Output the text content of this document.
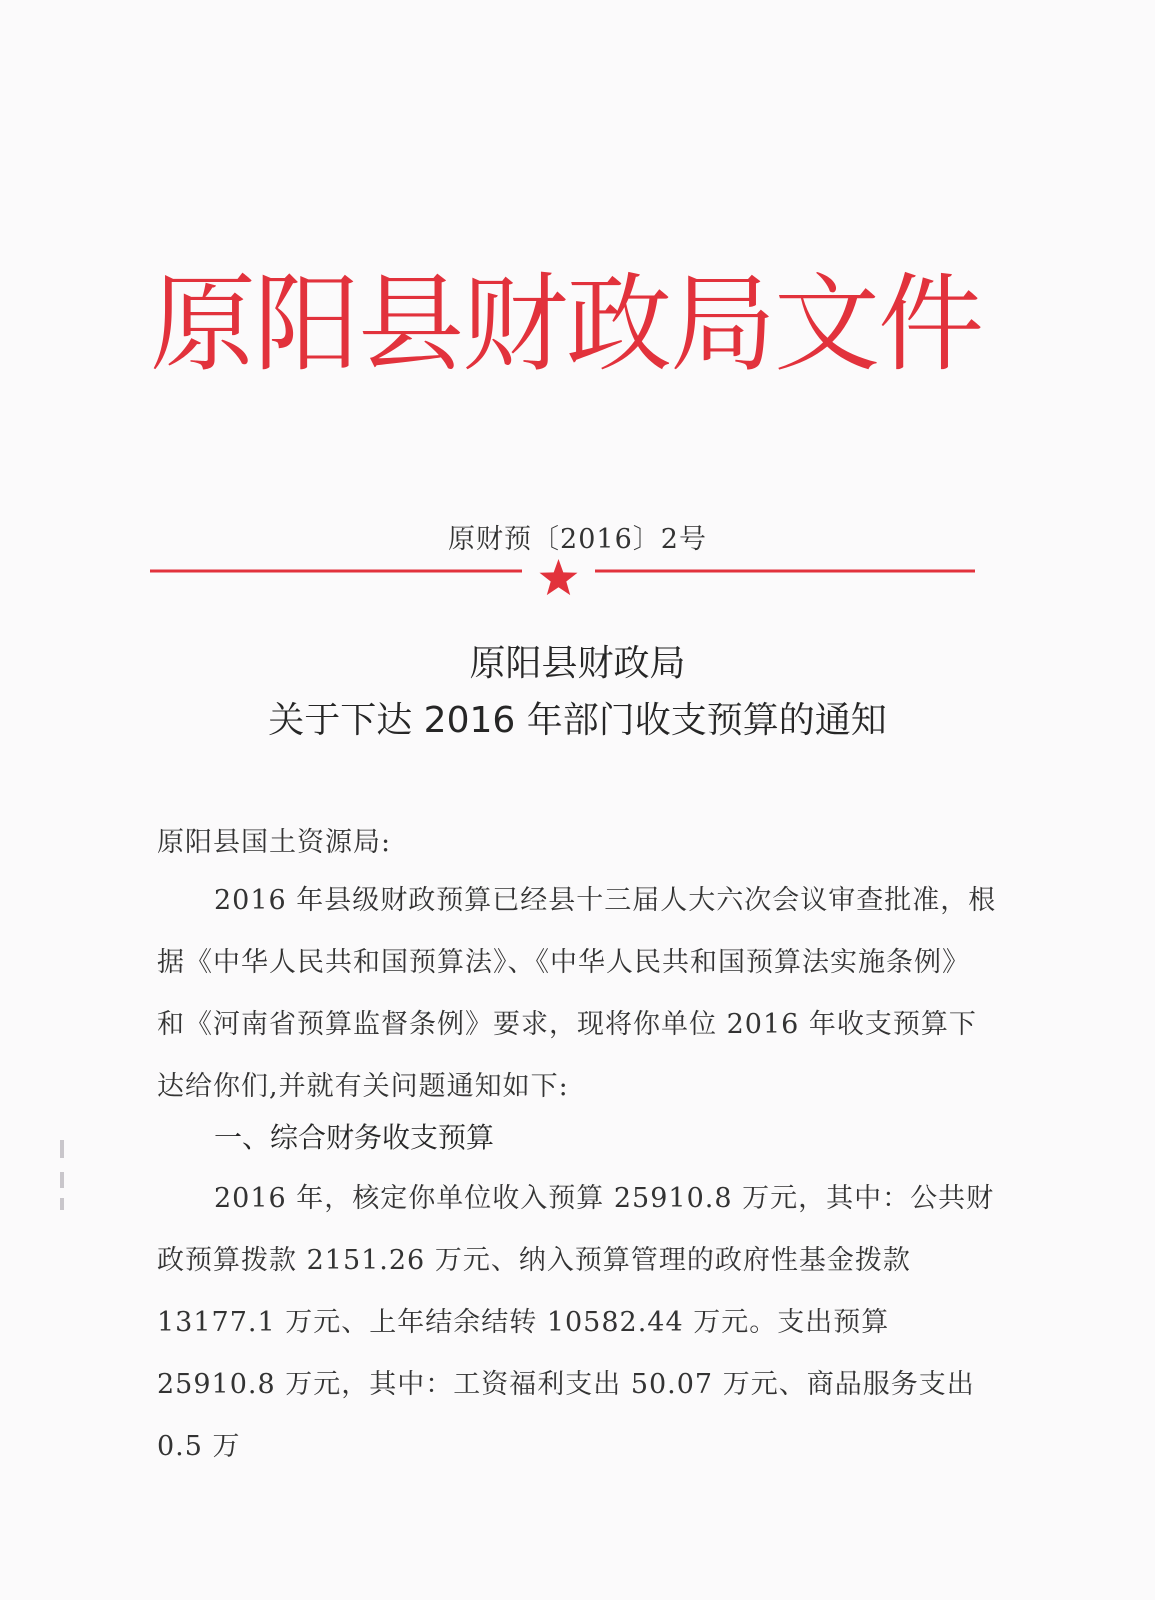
原阳县财政局文件
原财预〔2016〕2号
原阳县财政局
关于下达 2016 年部门收支预算的通知
原阳县国土资源局:
2016 年县级财政预算已经县十三届人大六次会议审查批准，根据《中华人民共和国预算法》、《中华人民共和国预算法实施条例》和《河南省预算监督条例》要求，现将你单位 2016 年收支预算下达给你们,并就有关问题通知如下:
一、综合财务收支预算
2016 年，核定你单位收入预算 25910.8 万元，其中：公共财政预算拨款 2151.26 万元、纳入预算管理的政府性基金拨款 13177.1 万元、上年结余结转 10582.44 万元。支出预算 25910.8 万元，其中：工资福利支出 50.07 万元、商品服务支出 0.5 万
